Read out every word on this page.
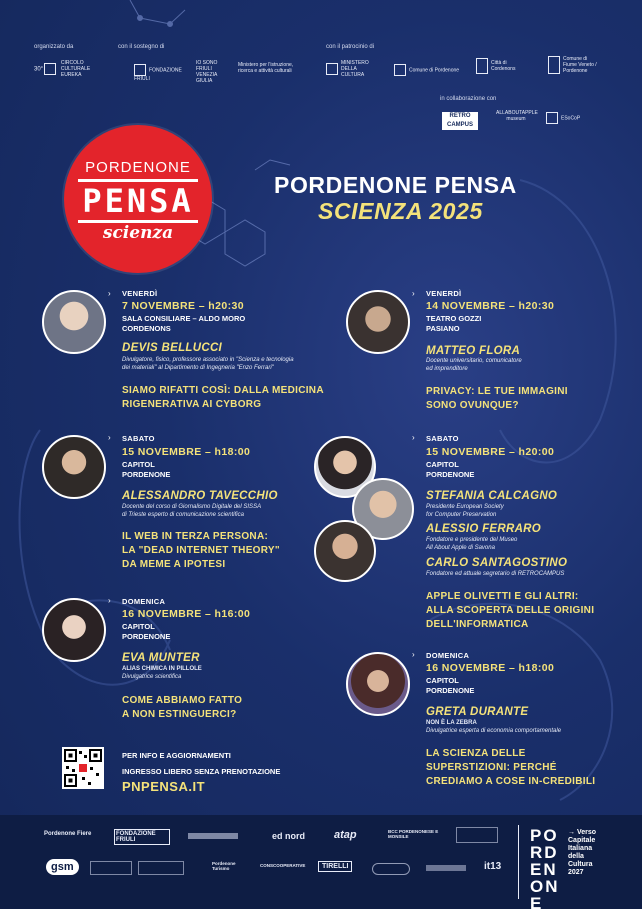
organizzato da	con il sostegno di	con il patrocinio di
30°  CIRCOLO CULTURALE EUREKA
FONDAZIONE FRIULI
IO SONO FRIULI VENEZIA GIULIA
Ministero per l'istruzione, ricerca e attività culturali
MINISTERO DELLA CULTURA
Comune di Pordenone
Città di Cordenons
Comune di Fiume Veneto / Pordenone
in collaborazione con
RETRO CAMPUS
ALLABOUTAPPLE museum	ESoCoP
PORDENONE
PENSA
scienza
PORDENONE PENSA
SCIENZA 2025
› VENERDÌ
7 NOVEMBRE – h20:30
SALA CONSILIARE – ALDO MORO
CORDENONS
DEVIS BELLUCCI
Divulgatore, fisico, professore associato in "Scienza e tecnologia
dei materiali" al Dipartimento di Ingegneria "Enzo Ferrari"
SIAMO RIFATTI COSÌ: DALLA MEDICINA
RIGENERATIVA AI CYBORG
› VENERDÌ
14 NOVEMBRE – h20:30
TEATRO GOZZI
PASIANO
MATTEO FLORA
Docente universitario, comunicatore
ed imprenditore
PRIVACY: LE TUE IMMAGINI
SONO OVUNQUE?
› SABATO
15 NOVEMBRE – h18:00
CAPITOL
PORDENONE
ALESSANDRO TAVECCHIO
Docente del corso di Giornalismo Digitale del SISSA
di Trieste esperto di comunicazione scientifica
IL WEB IN TERZA PERSONA:
LA "DEAD INTERNET THEORY"
DA MEME A IPOTESI
› SABATO
15 NOVEMBRE – h20:00
CAPITOL
PORDENONE
STEFANIA CALCAGNO
Presidente European Society
for Computer Preservation
ALESSIO FERRARO
Fondatore e presidente del Museo
All About Apple di Savona
CARLO SANTAGOSTINO
Fondatore ed attuale segretario di RETROCAMPUS
APPLE OLIVETTI E GLI ALTRI:
ALLA SCOPERTA DELLE ORIGINI
DELL'INFORMATICA
› DOMENICA
16 NOVEMBRE – h16:00
CAPITOL
PORDENONE
EVA MUNTER
ALIAS CHIMICA IN PILLOLE
Divulgatrice scientifica
COME ABBIAMO FATTO
A NON ESTINGUERCI?
› DOMENICA
16 NOVEMBRE – h18:00
CAPITOL
PORDENONE
GRETA DURANTE
NON È LA ZEBRA
Divulgatrice esperta di economia comportamentale
LA SCIENZA DELLE
SUPERSTIZIONI: PERCHÉ
CREDIAMO A COSE IN-CREDIBILI
PER INFO E AGGIORNAMENTI
INGRESSO LIBERO SENZA PRENOTAZIONE
PNPENSA.IT
Pordenone Fiere	FONDAZIONE FRIULI	ed nord	atap	BCC PORDENONESE E MONSILE
gsm	Pordenone Turismo
CONSCOOPERATIVE	TIRELLI	it13
PORDENONE
→ Verso
Capitale
Italiana
della
Cultura
2027
